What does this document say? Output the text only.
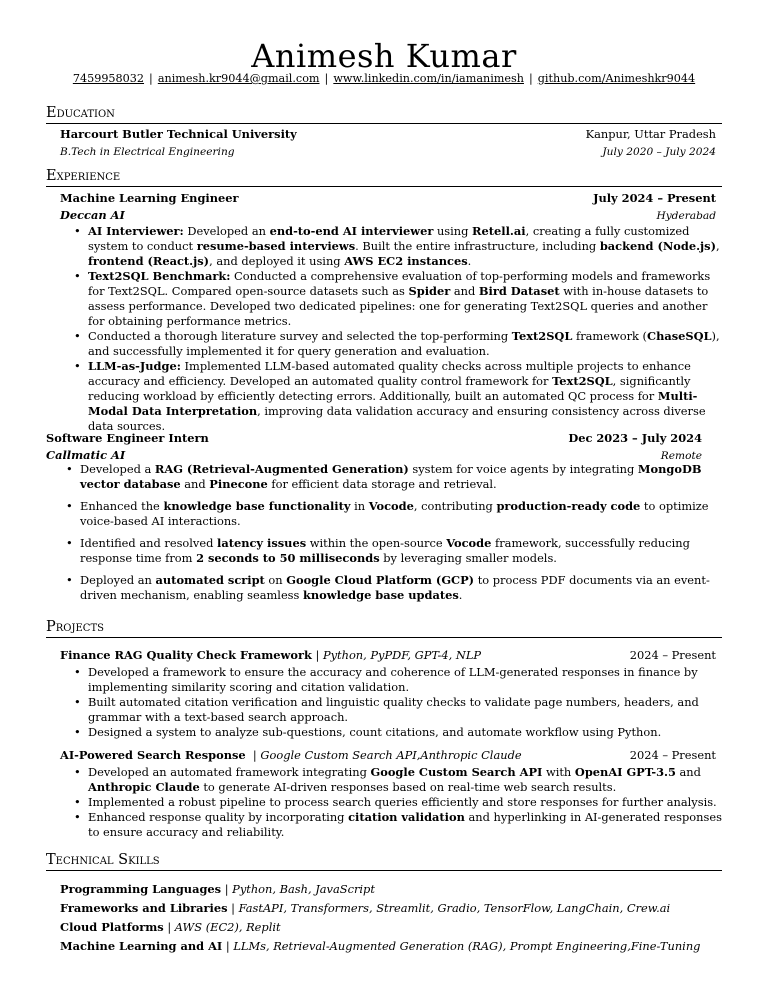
Animesh Kumar
7459958032 | animesh.kr9044@gmail.com | www.linkedin.com/in/iamanimesh | github.com/Animeshkr9044
Education
Harcourt Butler Technical University	Kanpur, Uttar Pradesh
B.Tech in Electrical Engineering	July 2020 – July 2024
Experience
Machine Learning Engineer	July 2024 – Present
Deccan AI	Hyderabad
• AI Interviewer: Developed an end-to-end AI interviewer using Retell.ai, creating a fully customized system to conduct resume-based interviews. Built the entire infrastructure, including backend (Node.js), frontend (React.js), and deployed it using AWS EC2 instances.
• Text2SQL Benchmark: Conducted a comprehensive evaluation of top-performing models and frameworks for Text2SQL. Compared open-source datasets such as Spider and Bird Dataset with in-house datasets to assess performance. Developed two dedicated pipelines: one for generating Text2SQL queries and another for obtaining performance metrics.
• Conducted a thorough literature survey and selected the top-performing Text2SQL framework (ChaseSQL), and successfully implemented it for query generation and evaluation.
• LLM-as-Judge: Implemented LLM-based automated quality checks across multiple projects to enhance accuracy and efficiency. Developed an automated quality control framework for Text2SQL, significantly reducing workload by efficiently detecting errors. Additionally, built an automated QC process for Multi-Modal Data Interpretation, improving data validation accuracy and ensuring consistency across diverse data sources.
Software Engineer Intern	Dec 2023 – July 2024
Callmatic AI	Remote
• Developed a RAG (Retrieval-Augmented Generation) system for voice agents by integrating MongoDB vector database and Pinecone for efficient data storage and retrieval.
• Enhanced the knowledge base functionality in Vocode, contributing production-ready code to optimize voice-based AI interactions.
• Identified and resolved latency issues within the open-source Vocode framework, successfully reducing response time from 2 seconds to 50 milliseconds by leveraging smaller models.
• Deployed an automated script on Google Cloud Platform (GCP) to process PDF documents via an event-driven mechanism, enabling seamless knowledge base updates.
Projects
Finance RAG Quality Check Framework | Python, PyPDF, GPT-4, NLP	2024 – Present
• Developed a framework to ensure the accuracy and coherence of LLM-generated responses in finance by implementing similarity scoring and citation validation.
• Built automated citation verification and linguistic quality checks to validate page numbers, headers, and grammar with a text-based search approach.
• Designed a system to analyze sub-questions, count citations, and automate workflow using Python.
AI-Powered Search Response | Google Custom Search API,Anthropic Claude	2024 – Present
• Developed an automated framework integrating Google Custom Search API with OpenAI GPT-3.5 and Anthropic Claude to generate AI-driven responses based on real-time web search results.
• Implemented a robust pipeline to process search queries efficiently and store responses for further analysis.
• Enhanced response quality by incorporating citation validation and hyperlinking in AI-generated responses to ensure accuracy and reliability.
Technical Skills
Programming Languages | Python, Bash, JavaScript
Frameworks and Libraries | FastAPI, Transformers, Streamlit, Gradio, TensorFlow, LangChain, Crew.ai
Cloud Platforms | AWS (EC2), Replit
Machine Learning and AI | LLMs, Retrieval-Augmented Generation (RAG), Prompt Engineering,Fine-Tuning
